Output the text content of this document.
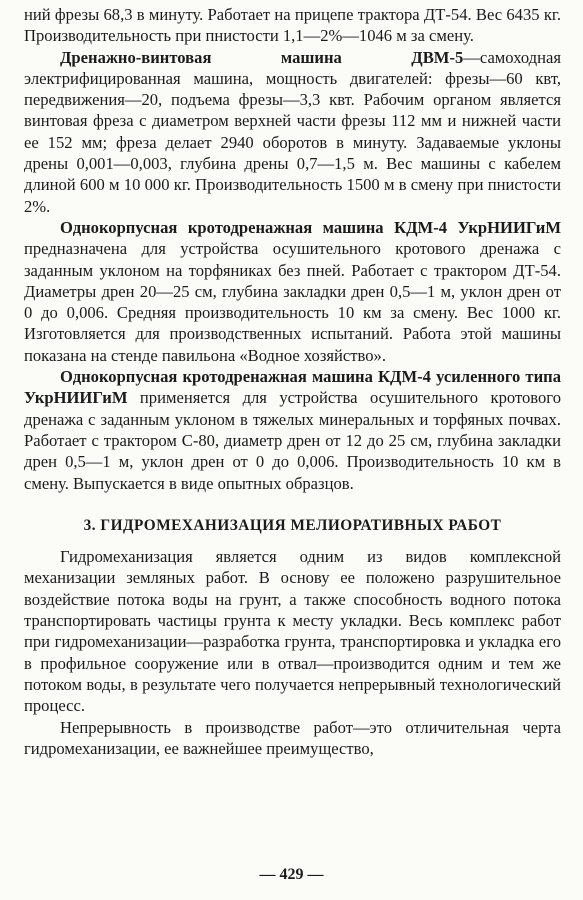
ний фрезы 68,3 в минуту. Работает на прицепе трактора ДТ-54. Вес 6435 кг. Производительность при пнистости 1,1—2%—1046 м за смену.

Дренажно-винтовая машина ДВМ-5—самоходная электрифицированная машина, мощность двигателей: фрезы—60 квт, передвижения—20, подъема фрезы—3,3 квт. Рабочим органом является винтовая фреза с диаметром верхней части фрезы 112 мм и нижней части ее 152 мм; фреза делает 2940 оборотов в минуту. Задаваемые уклоны дрены 0,001—0,003, глубина дрены 0,7—1,5 м. Вес машины с кабелем длиной 600 м 10 000 кг. Производительность 1500 м в смену при пнистости 2%.

Однокорпусная кротодренажная машина КДМ-4 УкрНИИГиМ предназначена для устройства осушительного кротового дренажа с заданным уклоном на торфяниках без пней. Работает с трактором ДТ-54. Диаметры дрен 20—25 см, глубина закладки дрен 0,5—1 м, уклон дрен от 0 до 0,006. Средняя производительность 10 км за смену. Вес 1000 кг. Изготовляется для производственных испытаний. Работа этой машины показана на стенде павильона «Водное хозяйство».

Однокорпусная кротодренажная машина КДМ-4 усиленного типа УкрНИИГиМ применяется для устройства осушительного кротового дренажа с заданным уклоном в тяжелых минеральных и торфяных почвах. Работает с трактором С-80, диаметр дрен от 12 до 25 см, глубина закладки дрен 0,5—1 м, уклон дрен от 0 до 0,006. Производительность 10 км в смену. Выпускается в виде опытных образцов.

3. ГИДРОМЕХАНИЗАЦИЯ МЕЛИОРАТИВНЫХ РАБОТ

Гидромеханизация является одним из видов комплексной механизации земляных работ. В основу ее положено разрушительное воздействие потока воды на грунт, а также способность водного потока транспортировать частицы грунта к месту укладки. Весь комплекс работ при гидромеханизации—разработка грунта, транспортировка и укладка его в профильное сооружение или в отвал—производится одним и тем же потоком воды, в результате чего получается непрерывный технологический процесс.

Непрерывность в производстве работ—это отличительная черта гидромеханизации, ее важнейшее преимущество,

— 429 —
